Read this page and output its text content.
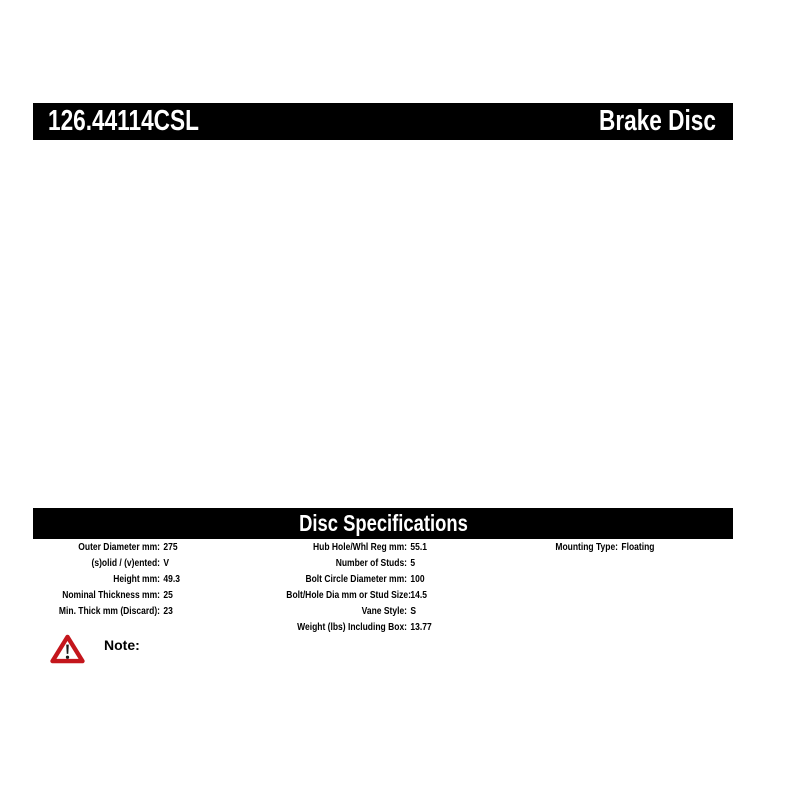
126.44114CSL	Brake Disc
Disc Specifications
Outer Diameter mm: 275
(s)olid / (v)ented: V
Height mm: 49.3
Nominal Thickness mm: 25
Min. Thick mm (Discard): 23
Hub Hole/Whl Reg mm: 55.1
Number of Studs: 5
Bolt Circle Diameter mm: 100
Bolt/Hole Dia mm or Stud Size: 14.5
Vane Style: S
Weight (lbs) Including Box: 13.77
Mounting Type: Floating
Note:
